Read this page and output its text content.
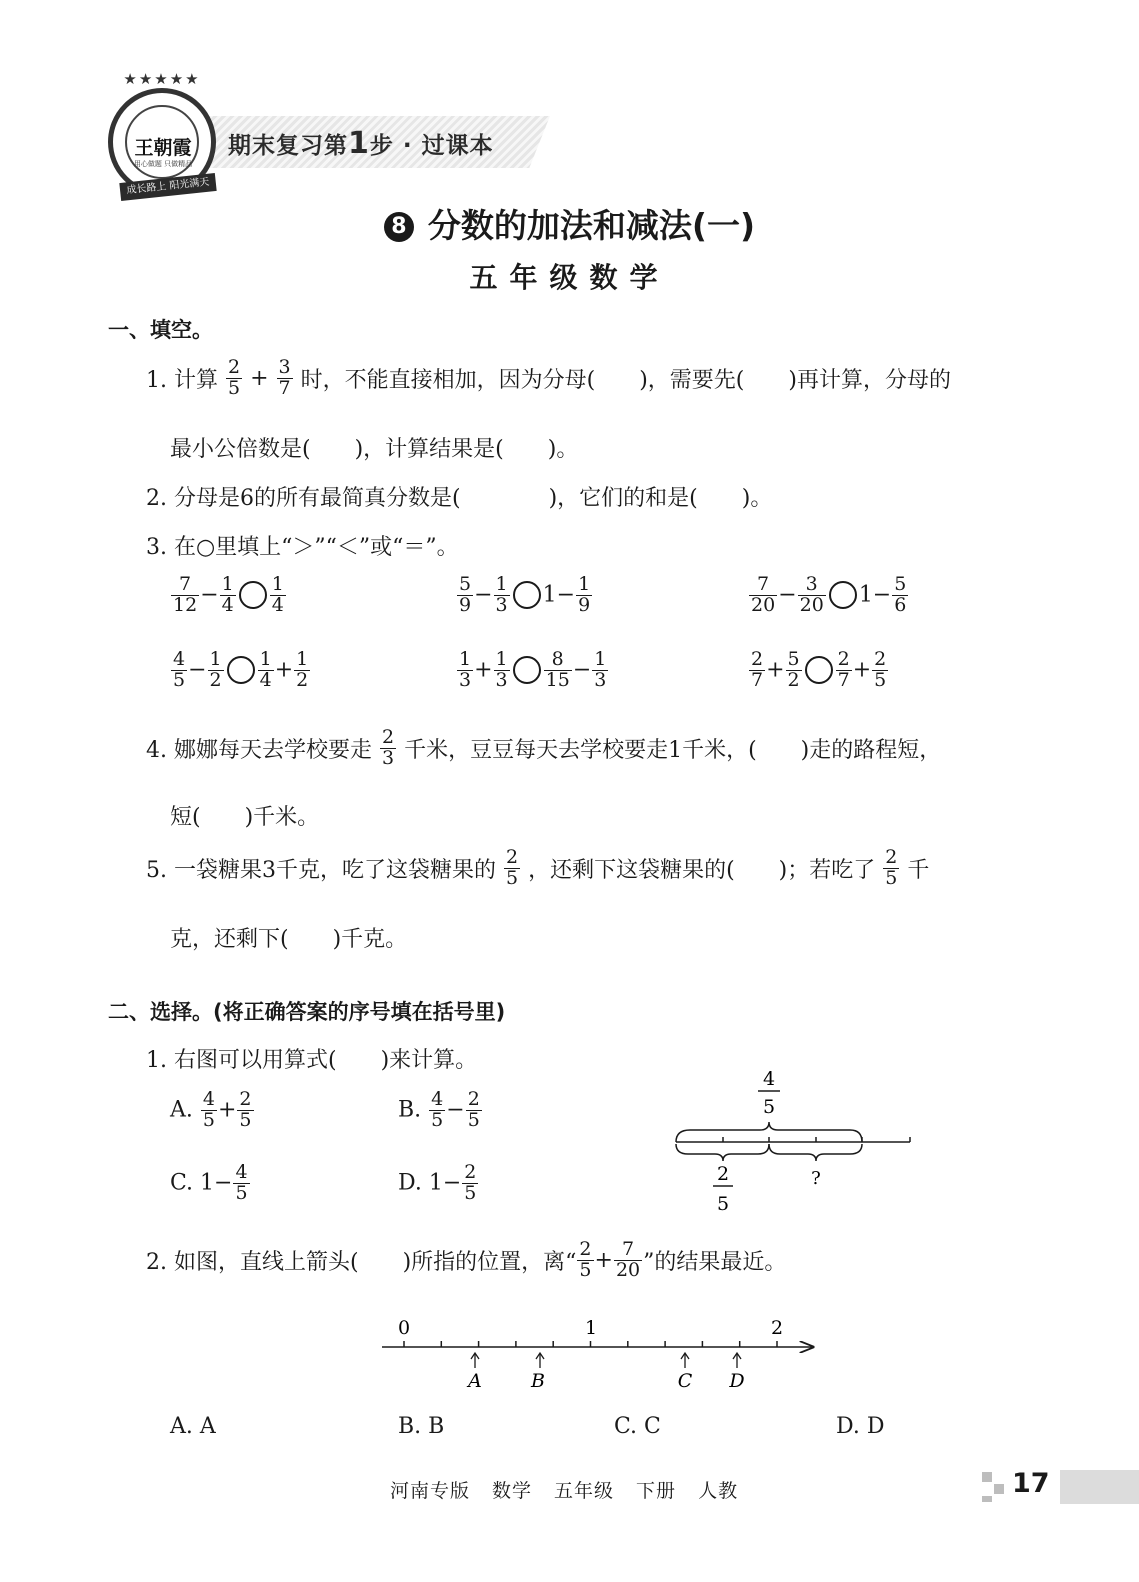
期末复习第1步 · 过课本
★★★★★
王朝霞
用心做题 只做精品
成长路上 阳光满天
8 分数的加法和减法(一)
五年级数学
一、填空。
1. 计算 $\frac{2}{5} + \frac{3}{7}$ 时，不能直接相加，因为分母(　　)，需要先(　　)再计算，分母的
最小公倍数是(　　)，计算结果是(　　)。
2. 分母是6的所有最简真分数是(　　　　)，它们的和是(　　)。
3. 在○里填上“＞”“＜”或“＝”。
$\frac{7}{12} - \frac{1}{4} \frac{1}{4}$	$\frac{5}{9} - \frac{1}{3} 1- \frac{1}{9}$	$\frac{7}{20} - \frac{3}{20} 1- \frac{5}{6}$
$\frac{4}{5} - \frac{1}{2} \frac{1}{4} + \frac{1}{2}$	$\frac{1}{3} + \frac{1}{3} \frac{8}{15} - \frac{1}{3}$	$\frac{2}{7} + \frac{5}{2} \frac{2}{7} + \frac{2}{5}$
4. 娜娜每天去学校要走 $\frac{2}{3}$ 千米，豆豆每天去学校要走1千米，(　　)走的路程短，
短(　　)千米。
5. 一袋糖果3千克，吃了这袋糖果的 $\frac{2}{5}$ ，还剩下这袋糖果的(　　)；若吃了 $\frac{2}{5}$ 千
克，还剩下(　　)千克。
二、选择。(将正确答案的序号填在括号里)
1. 右图可以用算式(　　)来计算。
A. $\frac{4}{5} + \frac{2}{5}$	B. $\frac{4}{5} - \frac{2}{5}$
C. $1- \frac{4}{5}$	D. $1- \frac{2}{5}$
4
5
2
5
?
2. 如图，直线上箭头(　　)所指的位置，离“ $\frac{2}{5} + \frac{7}{20}$ ”的结果最近。
0	1	2
A	B	C D
A. A	B. B	C. C	D. D
河南专版 数学 五年级 下册 人教	17
